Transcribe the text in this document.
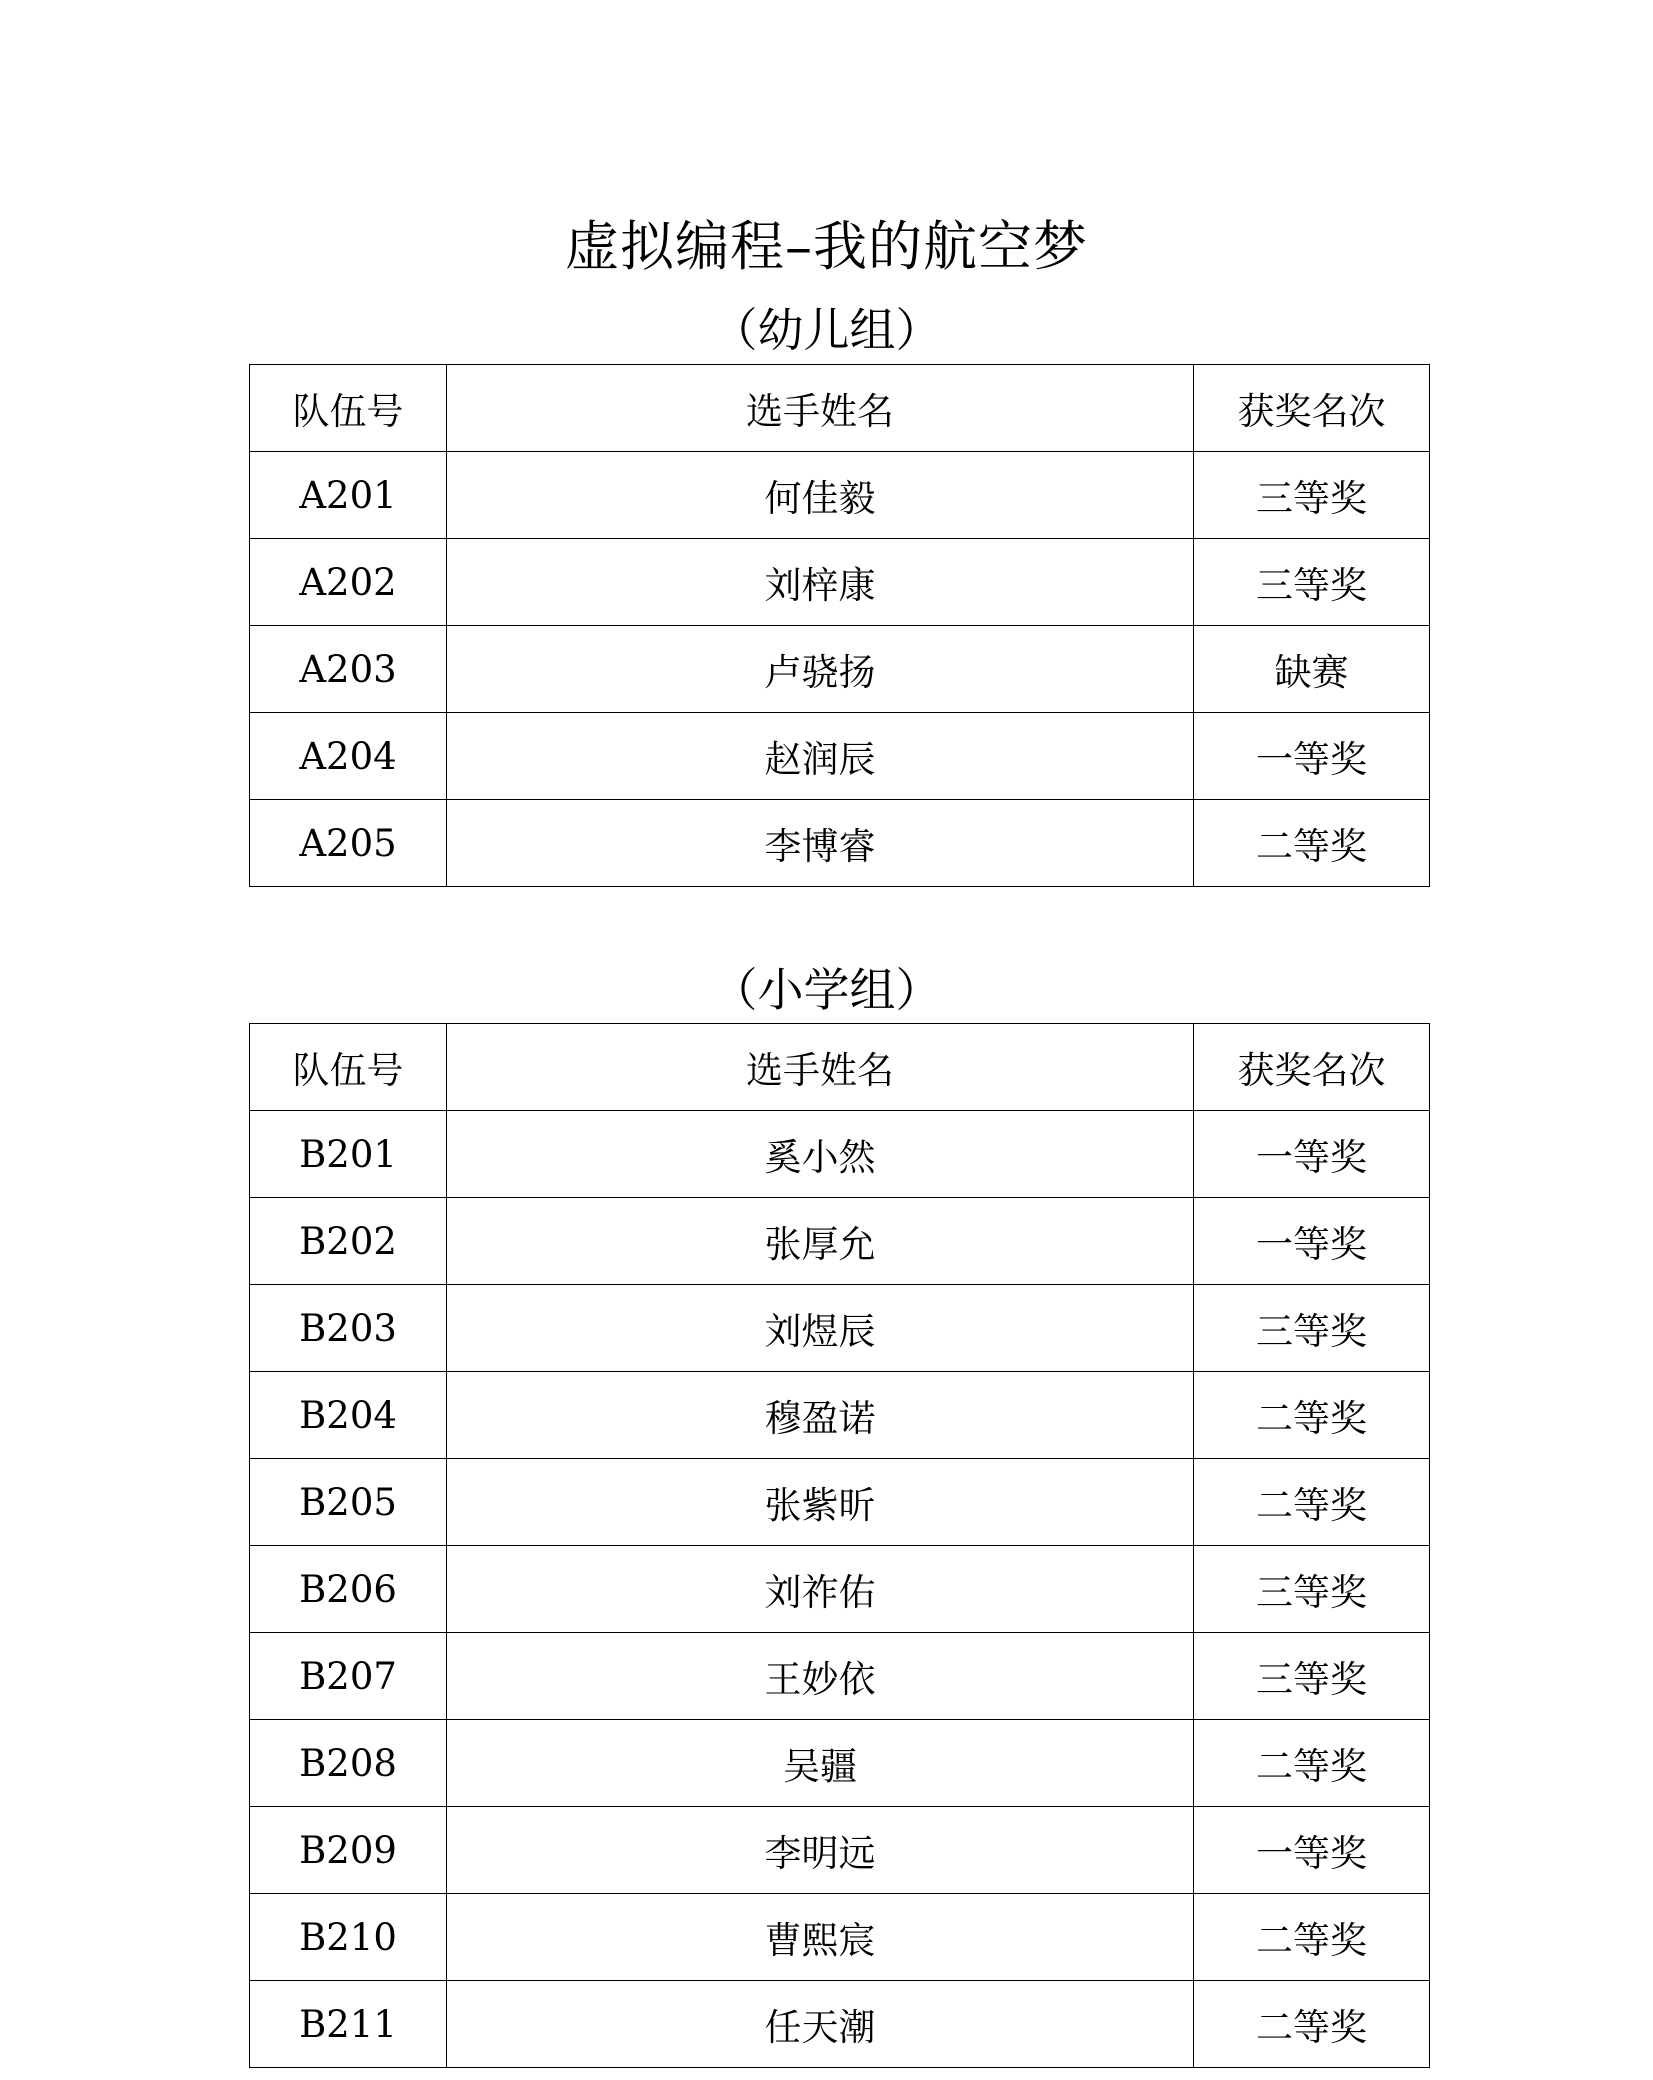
虚拟编程–我的航空梦
（幼儿组）
队伍号	选手姓名	获奖名次
A201	何佳毅	三等奖
A202	刘梓康	三等奖
A203	卢骁扬	缺赛
A204	赵润辰	一等奖
A205	李博睿	二等奖
（小学组）
队伍号	选手姓名	获奖名次
B201	奚小然	一等奖
B202	张厚允	一等奖
B203	刘煜辰	三等奖
B204	穆盈诺	二等奖
B205	张紫昕	二等奖
B206	刘祚佑	三等奖
B207	王妙依	三等奖
B208	吴疆	二等奖
B209	李明远	一等奖
B210	曹熙宸	二等奖
B211	任天潮	二等奖
